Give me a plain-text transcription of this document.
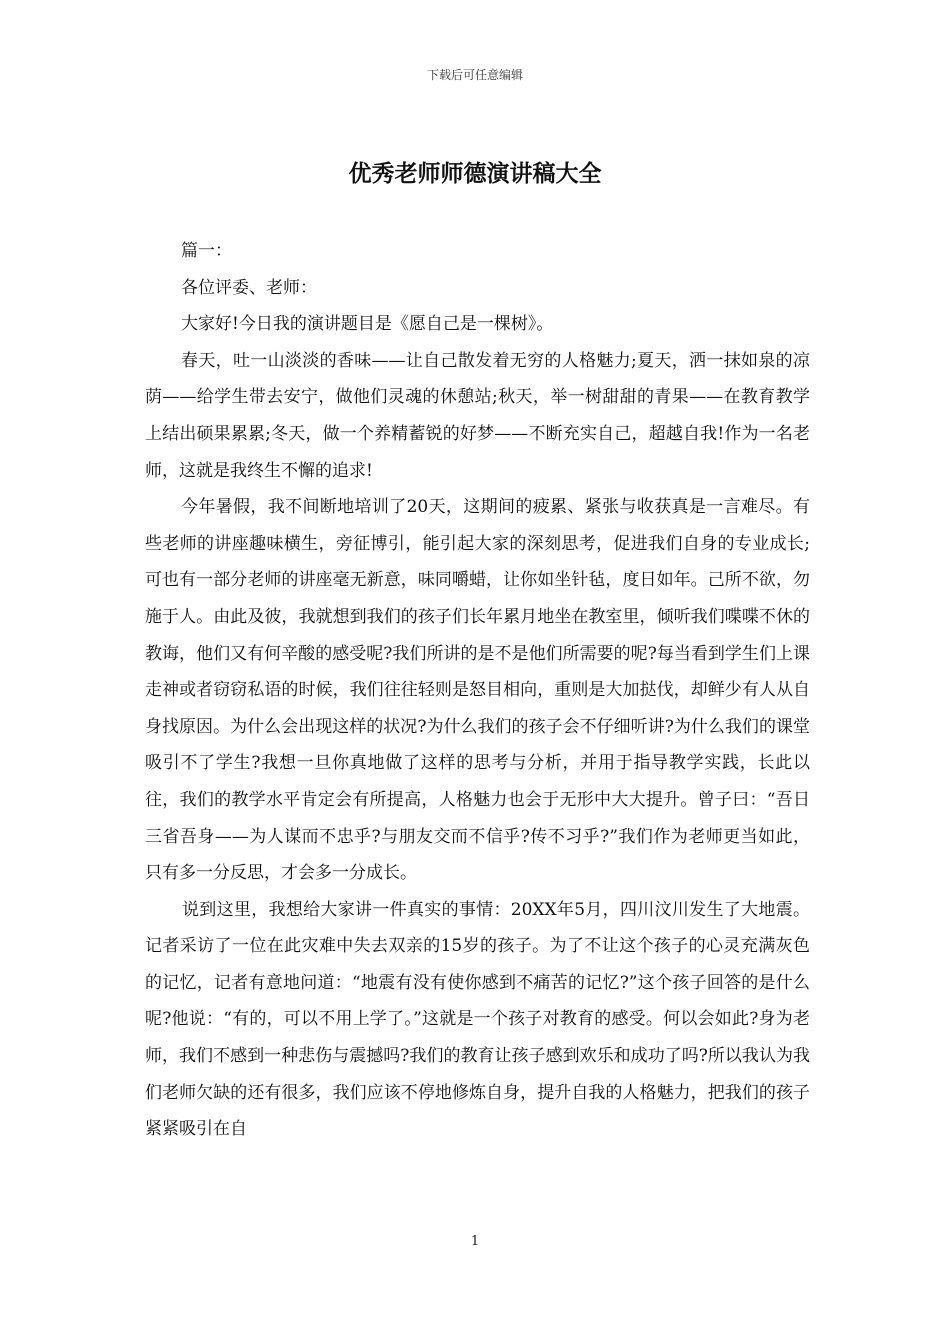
下载后可任意编辑
优秀老师师德演讲稿大全

篇一：

各位评委、老师：

大家好!今日我的演讲题目是《愿自己是一棵树》。

春天，吐一山淡淡的香味——让自己散发着无穷的人格魅力;夏天，洒一抹如泉的凉荫——给学生带去安宁，做他们灵魂的休憩站;秋天，举一树甜甜的青果——在教育教学上结出硕果累累;冬天，做一个养精蓄锐的好梦——不断充实自己，超越自我!作为一名老师，这就是我终生不懈的追求!

今年暑假，我不间断地培训了20天，这期间的疲累、紧张与收获真是一言难尽。有些老师的讲座趣味横生，旁征博引，能引起大家的深刻思考，促进我们自身的专业成长;可也有一部分老师的讲座毫无新意，味同嚼蜡，让你如坐针毡，度日如年。己所不欲，勿施于人。由此及彼，我就想到我们的孩子们长年累月地坐在教室里，倾听我们喋喋不休的教诲，他们又有何辛酸的感受呢?我们所讲的是不是他们所需要的呢?每当看到学生们上课走神或者窃窃私语的时候，我们往往轻则是怒目相向，重则是大加挞伐，却鲜少有人从自身找原因。为什么会出现这样的状况?为什么我们的孩子会不仔细听讲?为什么我们的课堂吸引不了学生?我想一旦你真地做了这样的思考与分析，并用于指导教学实践，长此以往，我们的教学水平肯定会有所提高，人格魅力也会于无形中大大提升。曾子曰：“吾日三省吾身——为人谋而不忠乎?与朋友交而不信乎?传不习乎?”我们作为老师更当如此，只有多一分反思，才会多一分成长。

说到这里，我想给大家讲一件真实的事情：20XX年5月，四川汶川发生了大地震。记者采访了一位在此灾难中失去双亲的15岁的孩子。为了不让这个孩子的心灵充满灰色的记忆，记者有意地问道：“地震有没有使你感到不痛苦的记忆?”这个孩子回答的是什么呢?他说：“有的，可以不用上学了。”这就是一个孩子对教育的感受。何以会如此?身为老师，我们不感到一种悲伤与震撼吗?我们的教育让孩子感到欢乐和成功了吗?所以我认为我们老师欠缺的还有很多，我们应该不停地修炼自身，提升自我的人格魅力，把我们的孩子紧紧吸引在自

1
